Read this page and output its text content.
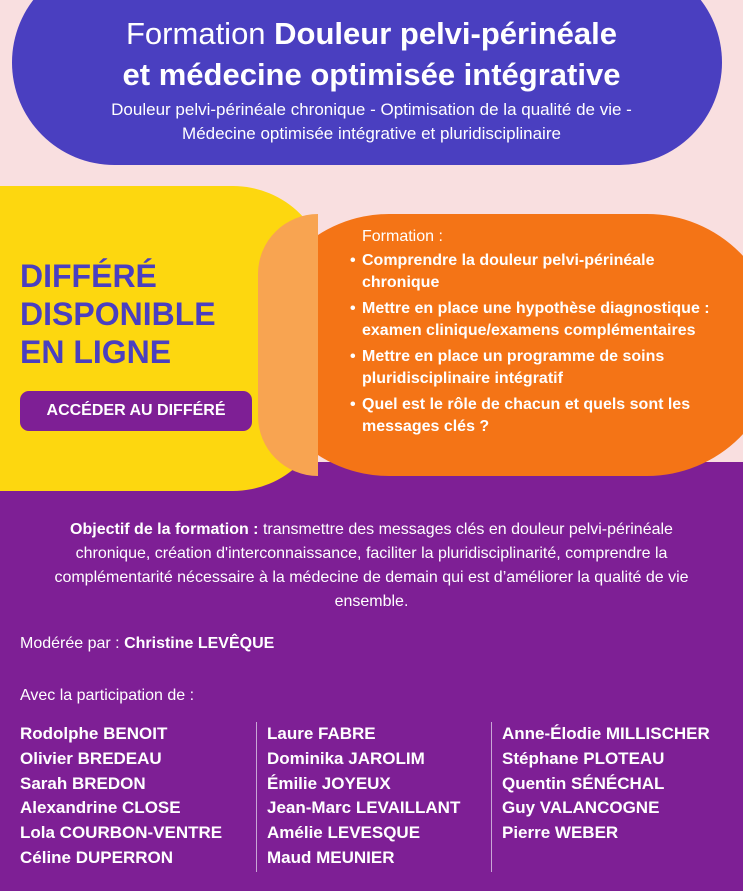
Formation Douleur pelvi-périnéale
et médecine optimisée intégrative
Douleur pelvi-périnéale chronique - Optimisation de la qualité de vie -
Médecine optimisée intégrative et pluridisciplinaire
DIFFÉRÉ
DISPONIBLE
EN LIGNE
ACCÉDER AU DIFFÉRÉ
Formation :
• Comprendre la douleur pelvi-périnéale chronique
• Mettre en place une hypothèse diagnostique : examen clinique/examens complémentaires
• Mettre en place un programme de soins pluridisciplinaire intégratif
• Quel est le rôle de chacun et quels sont les messages clés ?
Objectif de la formation : transmettre des messages clés en douleur pelvi-périnéale chronique, création d'interconnaissance, faciliter la pluridisciplinarité, comprendre la complémentarité nécessaire à la médecine de demain qui est d’améliorer la qualité de vie ensemble.
Modérée par : Christine LEVÊQUE
Avec la participation de :
Rodolphe BENOIT
Olivier BREDEAU
Sarah BREDON
Alexandrine CLOSE
Lola COURBON-VENTRE
Céline DUPERRON
Laure FABRE
Dominika JAROLIM
Émilie JOYEUX
Jean-Marc LEVAILLANT
Amélie LEVESQUE
Maud MEUNIER
Anne-Élodie MILLISCHER
Stéphane PLOTEAU
Quentin SÉNÉCHAL
Guy VALANCOGNE
Pierre WEBER
